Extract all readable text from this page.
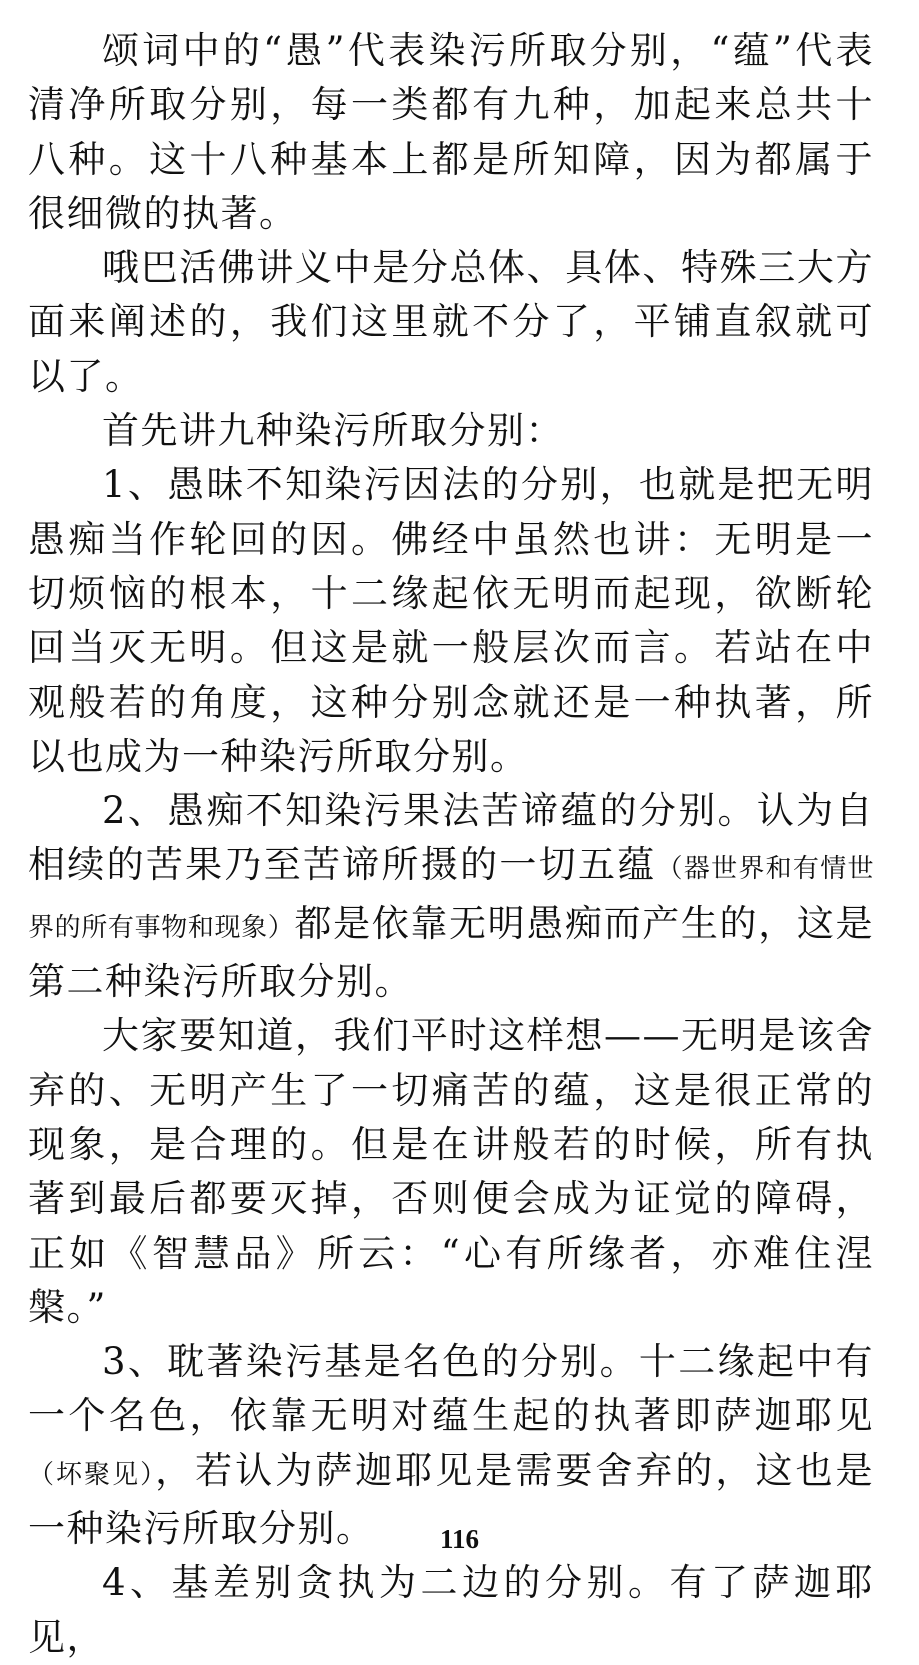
颂词中的“愚”代表染污所取分别，“蕴”代表清净所取分别，每一类都有九种，加起来总共十八种。这十八种基本上都是所知障，因为都属于很细微的执著。

哦巴活佛讲义中是分总体、具体、特殊三大方面来阐述的，我们这里就不分了，平铺直叙就可以了。

首先讲九种染污所取分别：

1、愚昧不知染污因法的分别，也就是把无明愚痴当作轮回的因。佛经中虽然也讲：无明是一切烦恼的根本，十二缘起依无明而起现，欲断轮回当灭无明。但这是就一般层次而言。若站在中观般若的角度，这种分别念就还是一种执著，所以也成为一种染污所取分别。

2、愚痴不知染污果法苦谛蕴的分别。认为自相续的苦果乃至苦谛所摄的一切五蕴（器世界和有情世界的所有事物和现象）都是依靠无明愚痴而产生的，这是第二种染污所取分别。

大家要知道，我们平时这样想——无明是该舍弃的、无明产生了一切痛苦的蕴，这是很正常的现象，是合理的。但是在讲般若的时候，所有执著到最后都要灭掉，否则便会成为证觉的障碍，正如《智慧品》所云：“心有所缘者，亦难住涅槃。”

3、耽著染污基是名色的分别。十二缘起中有一个名色，依靠无明对蕴生起的执著即萨迦耶见（坏聚见），若认为萨迦耶见是需要舍弃的，这也是一种染污所取分别。

4、基差别贪执为二边的分别。有了萨迦耶见，

116
